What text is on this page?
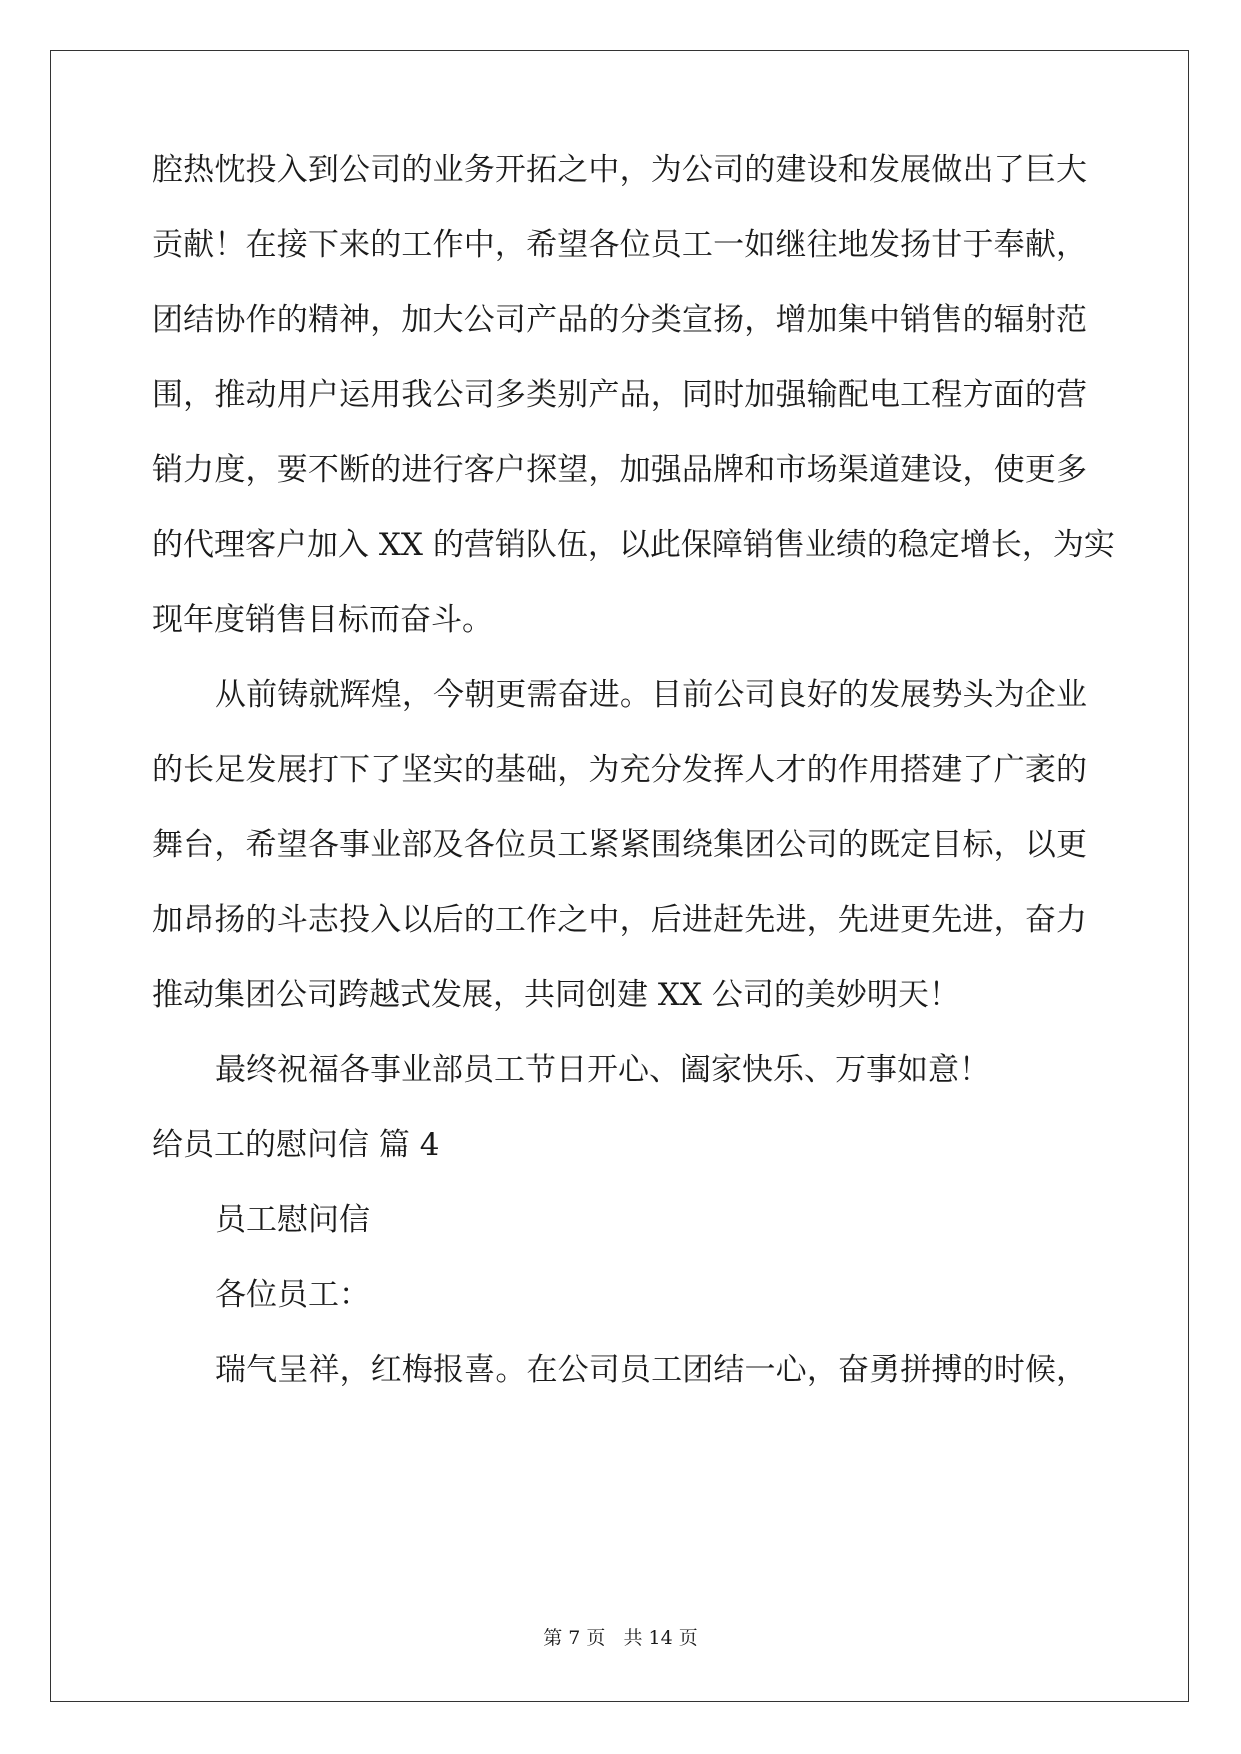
腔热忱投入到公司的业务开拓之中，为公司的建设和发展做出了巨大
贡献！在接下来的工作中，希望各位员工一如继往地发扬甘于奉献，
团结协作的精神，加大公司产品的分类宣扬，增加集中销售的辐射范
围，推动用户运用我公司多类别产品，同时加强输配电工程方面的营
销力度，要不断的进行客户探望，加强品牌和市场渠道建设，使更多
的代理客户加入 XX 的营销队伍，以此保障销售业绩的稳定增长，为实
现年度销售目标而奋斗。
从前铸就辉煌，今朝更需奋进。目前公司良好的发展势头为企业
的长足发展打下了坚实的基础，为充分发挥人才的作用搭建了广袤的
舞台，希望各事业部及各位员工紧紧围绕集团公司的既定目标，以更
加昂扬的斗志投入以后的工作之中，后进赶先进，先进更先进，奋力
推动集团公司跨越式发展，共同创建 XX 公司的美妙明天！
最终祝福各事业部员工节日开心、阖家快乐、万事如意！
给员工的慰问信 篇 4
员工慰问信
各位员工：
瑞气呈祥，红梅报喜。在公司员工团结一心，奋勇拼搏的时候，
第 7 页 共 14 页
